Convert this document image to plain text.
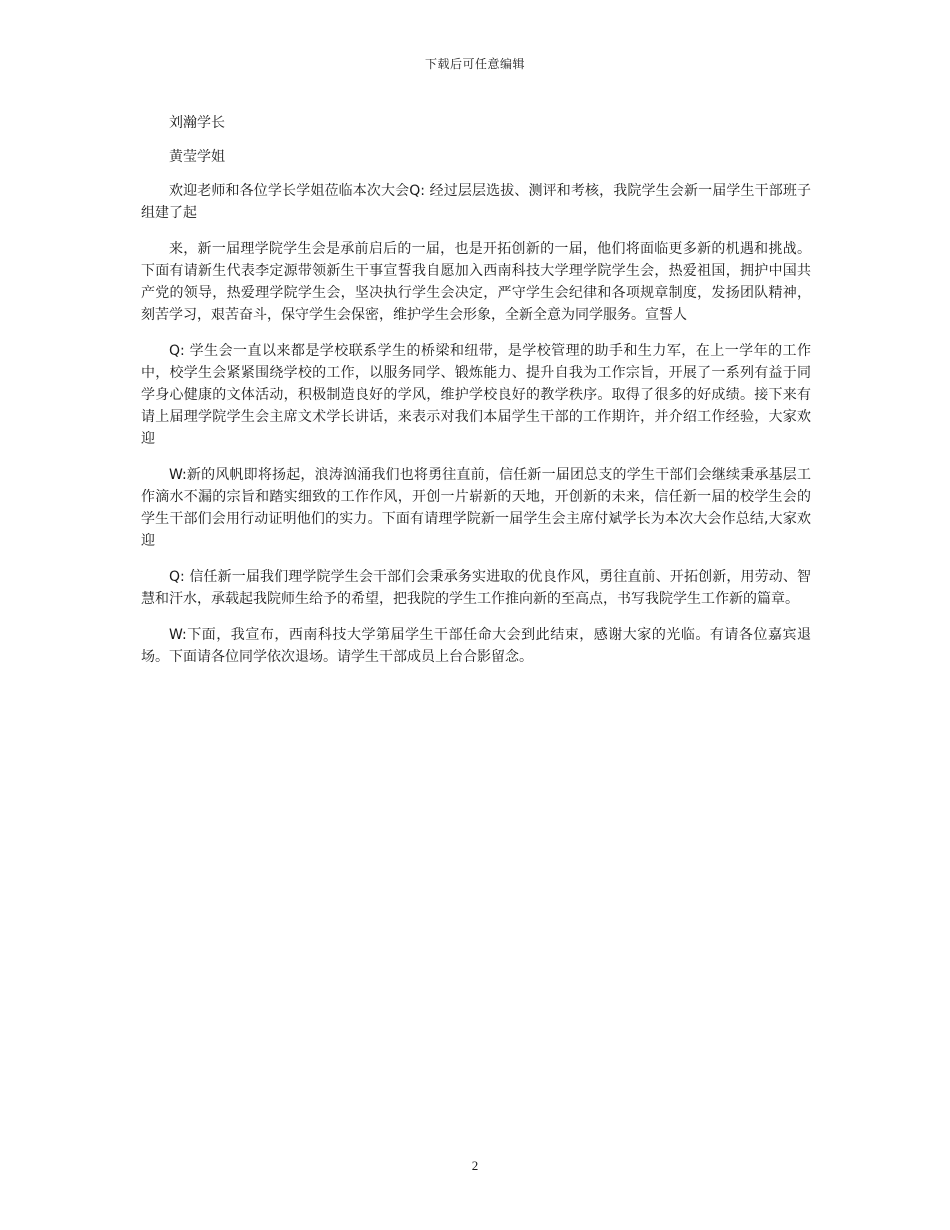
下载后可任意编辑

刘瀚学长

黄莹学姐

欢迎老师和各位学长学姐莅临本次大会Q: 经过层层选拔、测评和考核，我院学生会新一届学生干部班子组建了起

来，新一届理学院学生会是承前启后的一届，也是开拓创新的一届，他们将面临更多新的机遇和挑战。下面有请新生代表李定源带领新生干事宣誓我自愿加入西南科技大学理学院学生会，热爱祖国，拥护中国共产党的领导，热爱理学院学生会，坚决执行学生会决定，严守学生会纪律和各项规章制度，发扬团队精神，刻苦学习，艰苦奋斗，保守学生会保密，维护学生会形象，全新全意为同学服务。宣誓人

Q: 学生会一直以来都是学校联系学生的桥梁和纽带，是学校管理的助手和生力军，在上一学年的工作中，校学生会紧紧围绕学校的工作，以服务同学、锻炼能力、提升自我为工作宗旨，开展了一系列有益于同学身心健康的文体活动，积极制造良好的学风，维护学校良好的教学秩序。取得了很多的好成绩。接下来有请上届理学院学生会主席文术学长讲话，来表示对我们本届学生干部的工作期许，并介绍工作经验，大家欢迎

W:新的风帆即将扬起，浪涛汹涌我们也将勇往直前，信任新一届团总支的学生干部们会继续秉承基层工作滴水不漏的宗旨和踏实细致的工作作风，开创一片崭新的天地，开创新的未来，信任新一届的校学生会的学生干部们会用行动证明他们的实力。下面有请理学院新一届学生会主席付斌学长为本次大会作总结,大家欢迎

Q: 信任新一届我们理学院学生会干部们会秉承务实进取的优良作风，勇往直前、开拓创新，用劳动、智慧和汗水，承载起我院师生给予的希望，把我院的学生工作推向新的至高点，书写我院学生工作新的篇章。

W:下面，我宣布，西南科技大学第届学生干部任命大会到此结束，感谢大家的光临。有请各位嘉宾退场。下面请各位同学依次退场。请学生干部成员上台合影留念。

2
